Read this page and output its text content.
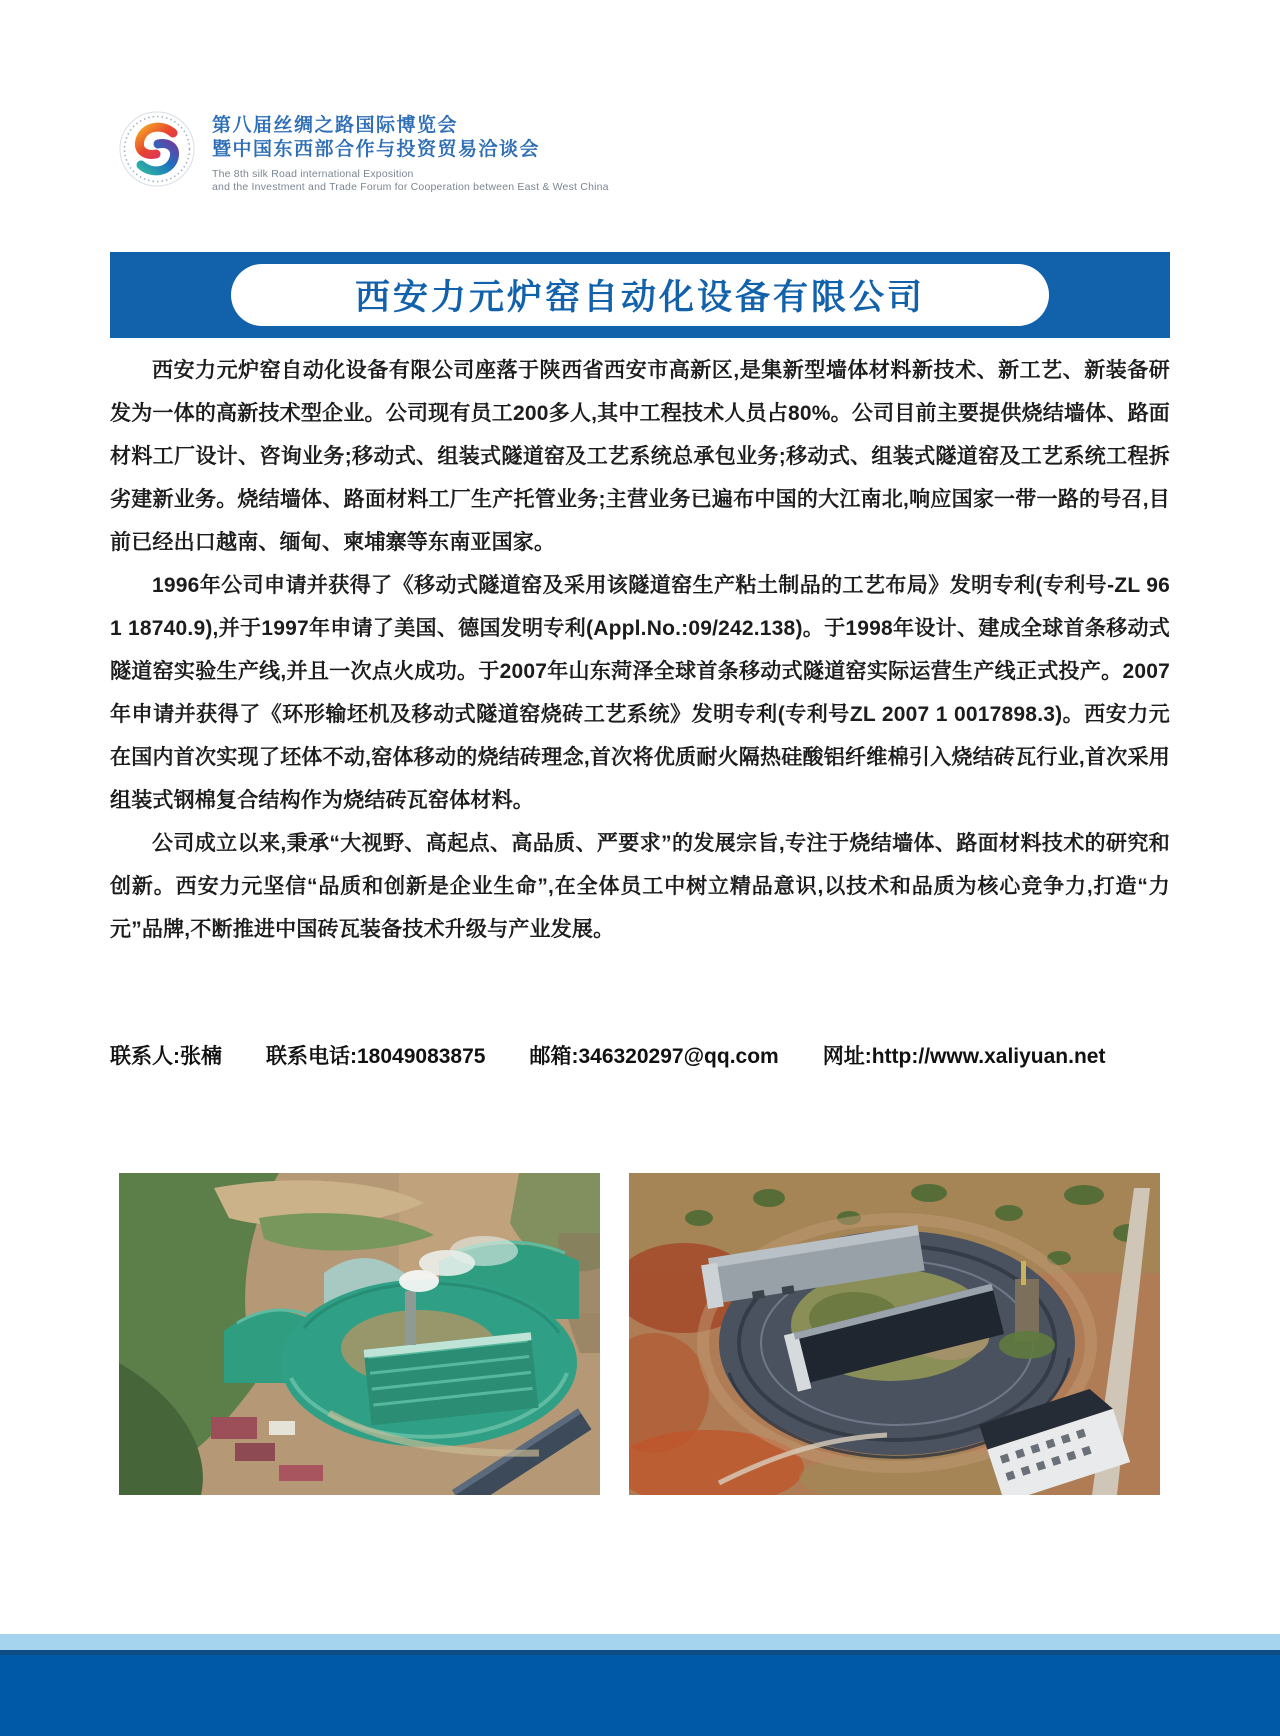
第八届丝绸之路国际博览会
暨中国东西部合作与投资贸易洽谈会
The 8th silk Road international Exposition
and the Investment and Trade Forum for Cooperation between East & West China
西安力元炉窑自动化设备有限公司

西安力元炉窑自动化设备有限公司座落于陕西省西安市高新区,是集新型墙体材料新技术、新工艺、新装备研发为一体的高新技术型企业。公司现有员工200多人,其中工程技术人员占80%。公司目前主要提供烧结墙体、路面材料工厂设计、咨询业务;移动式、组装式隧道窑及工艺系统总承包业务;移动式、组装式隧道窑及工艺系统工程拆劣建新业务。烧结墙体、路面材料工厂生产托管业务;主营业务已遍布中国的大江南北,响应国家一带一路的号召,目前已经出口越南、缅甸、柬埔寨等东南亚国家。

1996年公司申请并获得了《移动式隧道窑及采用该隧道窑生产粘土制品的工艺布局》发明专利(专利号-ZL 96 1 18740.9),并于1997年申请了美国、德国发明专利(Appl.No.:09/242.138)。于1998年设计、建成全球首条移动式隧道窑实验生产线,并且一次点火成功。于2007年山东菏泽全球首条移动式隧道窑实际运营生产线正式投产。2007年申请并获得了《环形输坯机及移动式隧道窑烧砖工艺系统》发明专利(专利号ZL 2007 1 0017898.3)。西安力元在国内首次实现了坯体不动,窑体移动的烧结砖理念,首次将优质耐火隔热硅酸铝纤维棉引入烧结砖瓦行业,首次采用组装式钢棉复合结构作为烧结砖瓦窑体材料。

公司成立以来,秉承“大视野、高起点、高品质、严要求”的发展宗旨,专注于烧结墙体、路面材料技术的研究和创新。西安力元坚信“品质和创新是企业生命”,在全体员工中树立精品意识,以技术和品质为核心竞争力,打造“力元”品牌,不断推进中国砖瓦装备技术升级与产业发展。

联系人:张楠 联系电话:18049083875 邮箱:346320297@qq.com 网址:http://www.xaliyuan.net
